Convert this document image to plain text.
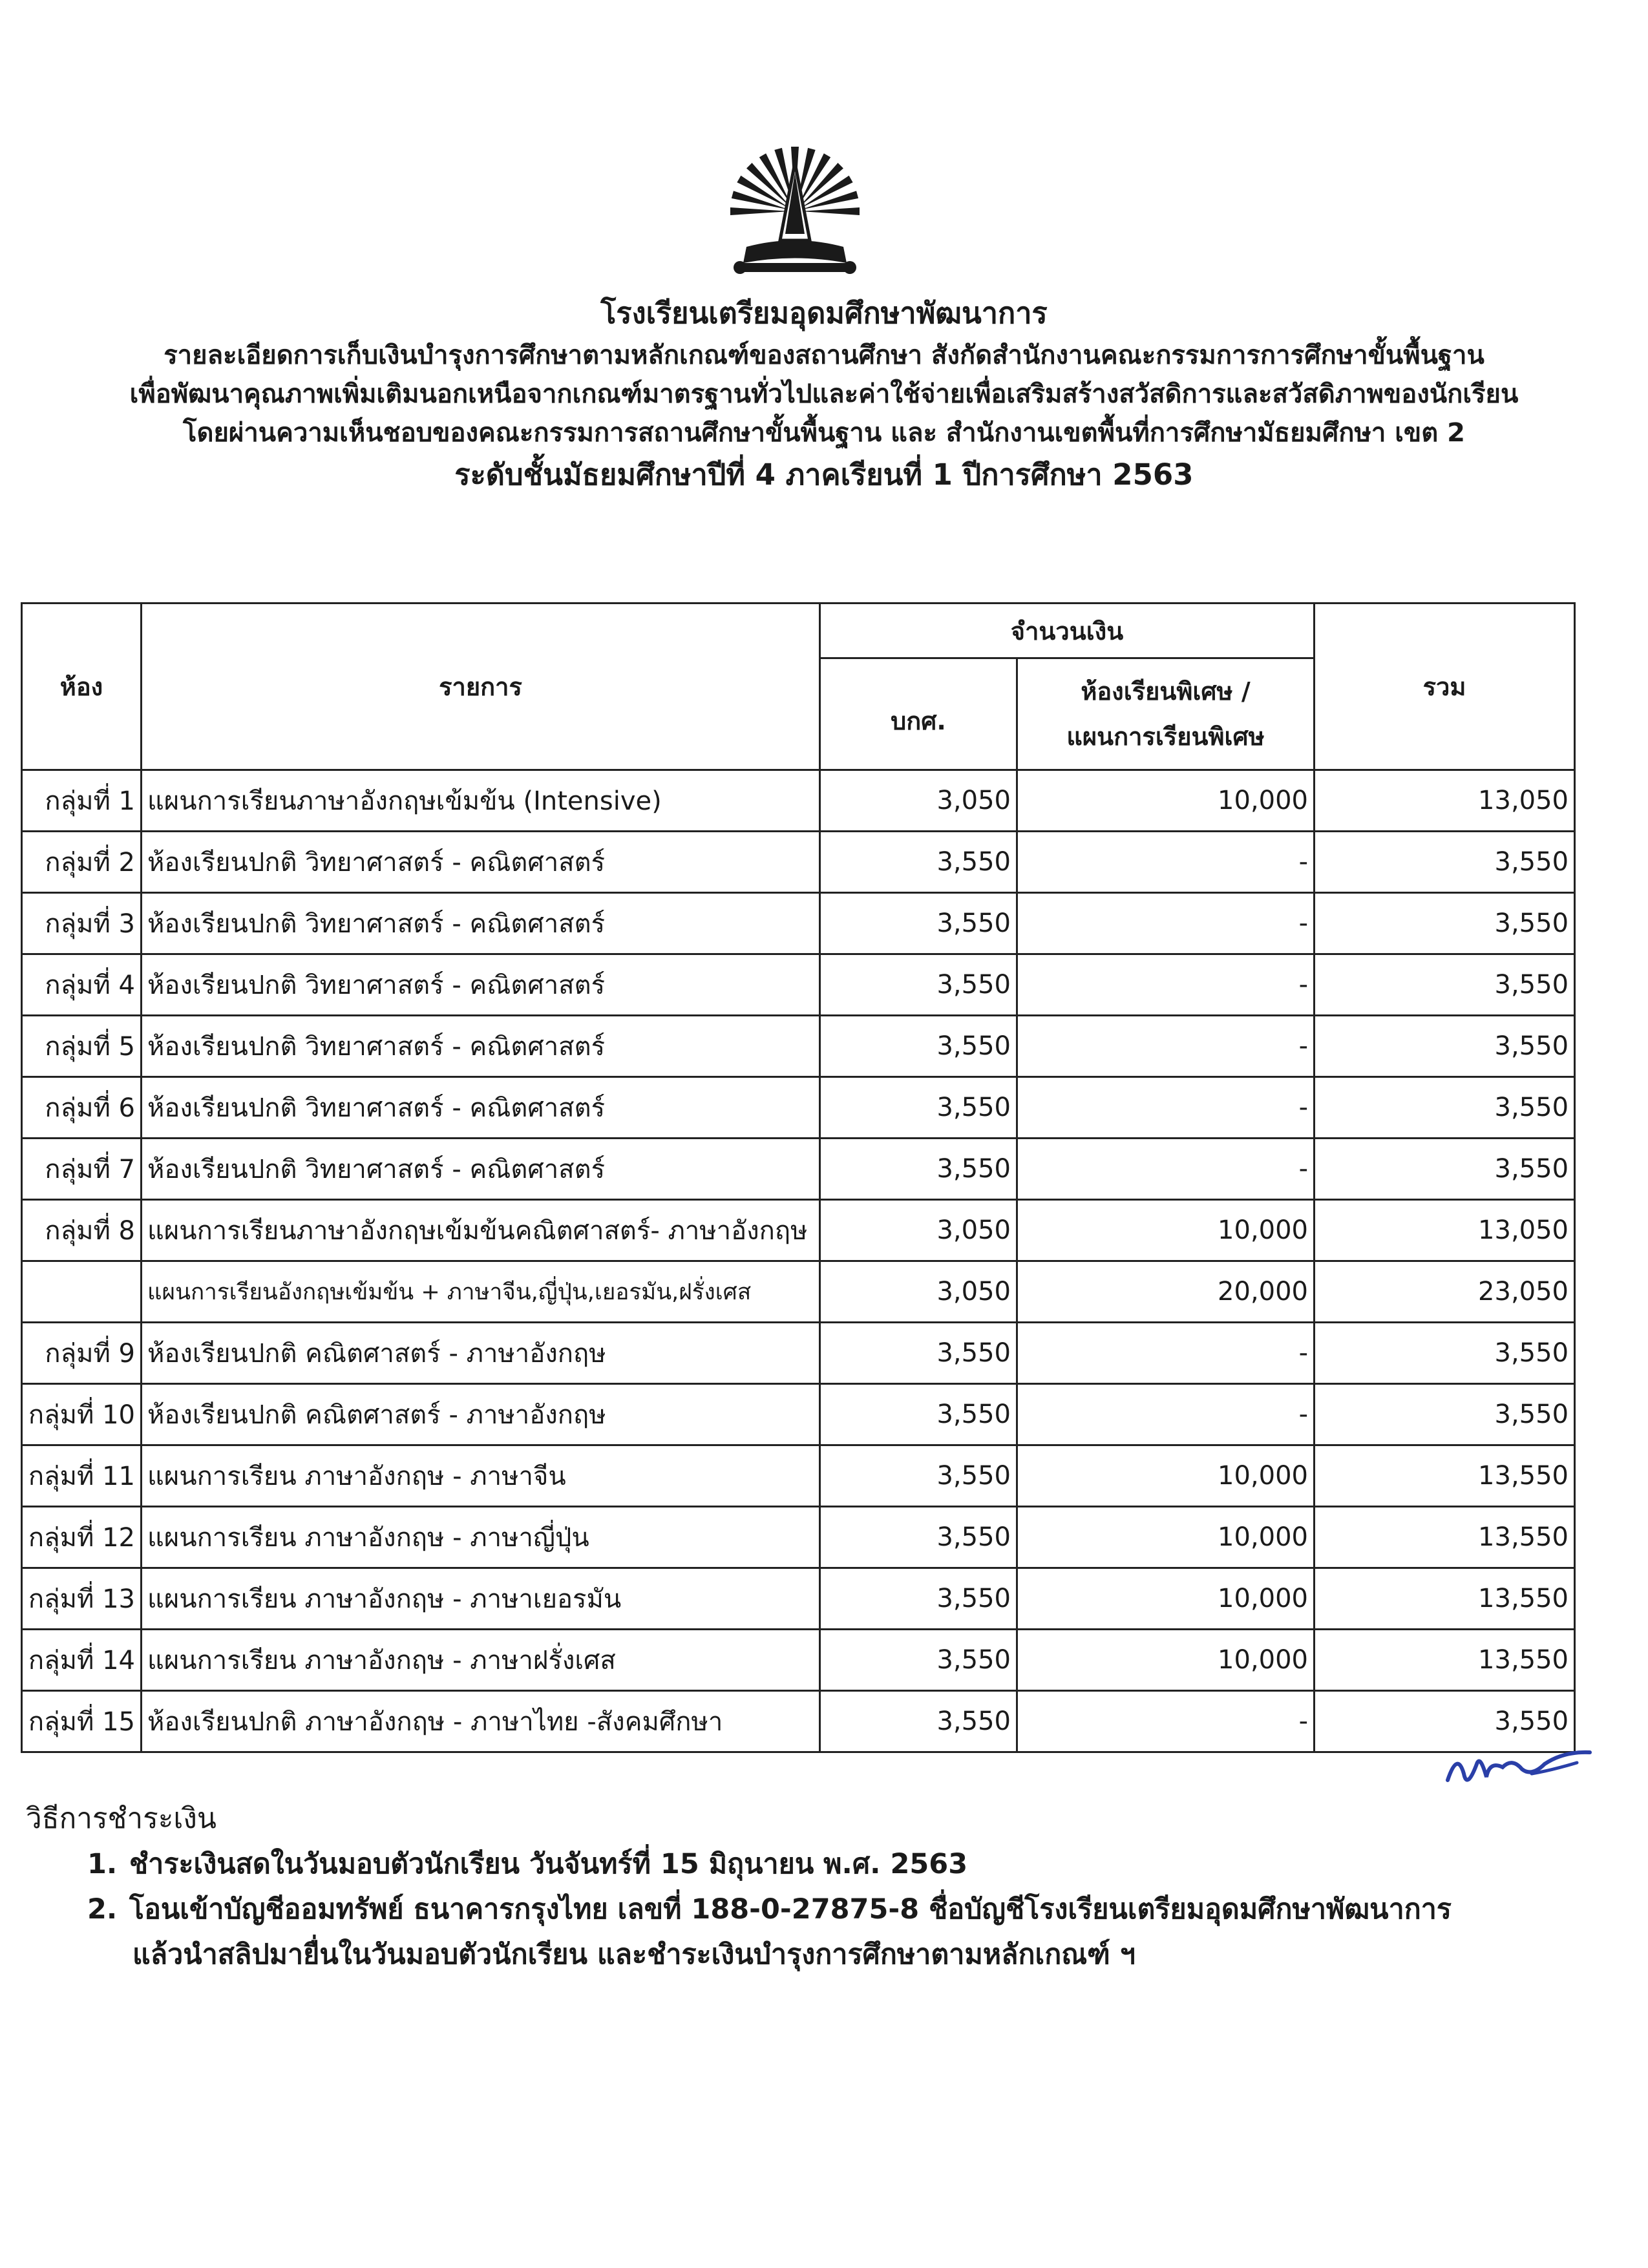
โรงเรียนเตรียมอุดมศึกษาพัฒนาการ
รายละเอียดการเก็บเงินบำรุงการศึกษาตามหลักเกณฑ์ของสถานศึกษา สังกัดสำนักงานคณะกรรมการการศึกษาขั้นพื้นฐาน
เพื่อพัฒนาคุณภาพเพิ่มเติมนอกเหนือจากเกณฑ์มาตรฐานทั่วไปและค่าใช้จ่ายเพื่อเสริมสร้างสวัสดิการและสวัสดิภาพของนักเรียน
โดยผ่านความเห็นชอบของคณะกรรมการสถานศึกษาขั้นพื้นฐาน และ สำนักงานเขตพื้นที่การศึกษามัธยมศึกษา เขต 2
ระดับชั้นมัธยมศึกษาปีที่ 4 ภาคเรียนที่ 1 ปีการศึกษา 2563
ห้อง	รายการ	จำนวนเงิน		รวม
		บกศ.	ห้องเรียนพิเศษ /
แผนการเรียนพิเศษ	

กลุ่มที่ 1	แผนการเรียนภาษาอังกฤษเข้มข้น (Intensive)	3,050	10,000	13,050
กลุ่มที่ 2	ห้องเรียนปกติ วิทยาศาสตร์ - คณิตศาสตร์	3,550	-	3,550
กลุ่มที่ 3	ห้องเรียนปกติ วิทยาศาสตร์ - คณิตศาสตร์	3,550	-	3,550
กลุ่มที่ 4	ห้องเรียนปกติ วิทยาศาสตร์ - คณิตศาสตร์	3,550	-	3,550
กลุ่มที่ 5	ห้องเรียนปกติ วิทยาศาสตร์ - คณิตศาสตร์	3,550	-	3,550
กลุ่มที่ 6	ห้องเรียนปกติ วิทยาศาสตร์ - คณิตศาสตร์	3,550	-	3,550
กลุ่มที่ 7	ห้องเรียนปกติ วิทยาศาสตร์ - คณิตศาสตร์	3,550	-	3,550
กลุ่มที่ 8	แผนการเรียนภาษาอังกฤษเข้มข้นคณิตศาสตร์- ภาษาอังกฤษ	3,050	10,000	13,050
	แผนการเรียนอังกฤษเข้มข้น + ภาษาจีน,ญี่ปุ่น,เยอรมัน,ฝรั่งเศส	3,050	20,000	23,050
กลุ่มที่ 9	ห้องเรียนปกติ คณิตศาสตร์ - ภาษาอังกฤษ	3,550	-	3,550
กลุ่มที่ 10	ห้องเรียนปกติ คณิตศาสตร์ - ภาษาอังกฤษ	3,550	-	3,550
กลุ่มที่ 11	แผนการเรียน ภาษาอังกฤษ - ภาษาจีน	3,550	10,000	13,550
กลุ่มที่ 12	แผนการเรียน ภาษาอังกฤษ - ภาษาญี่ปุ่น	3,550	10,000	13,550
กลุ่มที่ 13	แผนการเรียน ภาษาอังกฤษ - ภาษาเยอรมัน	3,550	10,000	13,550
กลุ่มที่ 14	แผนการเรียน ภาษาอังกฤษ - ภาษาฝรั่งเศส	3,550	10,000	13,550
กลุ่มที่ 15	ห้องเรียนปกติ ภาษาอังกฤษ - ภาษาไทย -สังคมศึกษา	3,550	-	3,550
วิธีการชำระเงิน
1. ชำระเงินสดในวันมอบตัวนักเรียน วันจันทร์ที่ 15 มิถุนายน พ.ศ. 2563
2. โอนเข้าบัญชีออมทรัพย์ ธนาคารกรุงไทย เลขที่ 188-0-27875-8 ชื่อบัญชีโรงเรียนเตรียมอุดมศึกษาพัฒนาการ
แล้วนำสลิปมายื่นในวันมอบตัวนักเรียน และชำระเงินบำรุงการศึกษาตามหลักเกณฑ์ ฯ
